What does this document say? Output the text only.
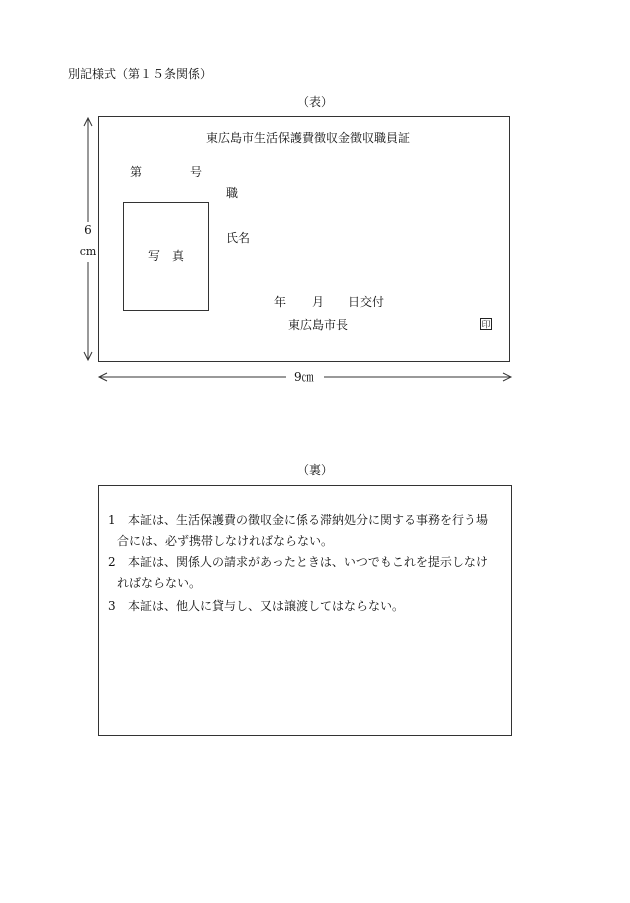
別記様式（第１５条関係）
（表）
東広島市生活保護費徴収金徴収職員証
第	号
職
氏名
写　真
年 月 日交付
東広島市長	印
6
cm
9㎝
（裏）
1 本証は、生活保護費の徴収金に係る滞納処分に関する事務を行う場
合には、必ず携帯しなければならない。
2 本証は、関係人の請求があったときは、いつでもこれを提示しなけ
ればならない。
3 本証は、他人に貸与し、又は譲渡してはならない。
